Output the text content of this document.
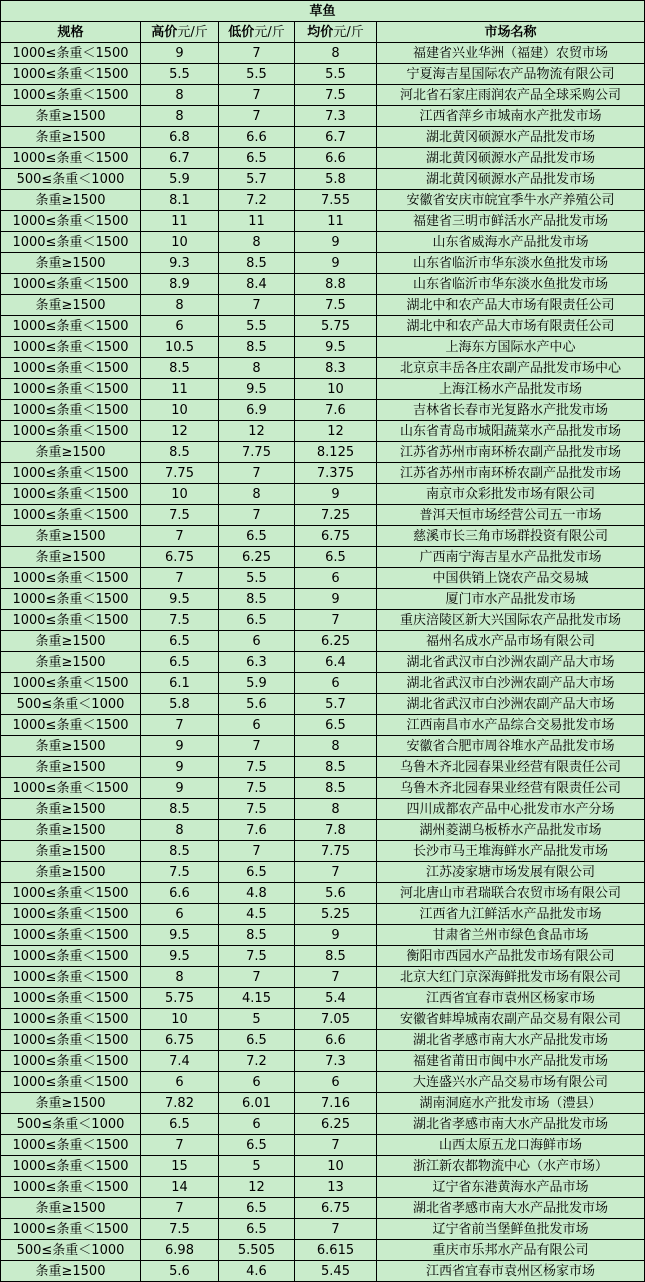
草鱼				
规格	高价元/斤	低价元/斤	均价元/斤	市场名称
1000≤条重＜1500	9	7	8	福建省兴业华洲（福建）农贸市场
1000≤条重＜1500	5.5	5.5	5.5	宁夏海吉星国际农产品物流有限公司
1000≤条重＜1500	8	7	7.5	河北省石家庄雨润农产品全球采购公司
条重≥1500	8	7	7.3	江西省萍乡市城南水产批发市场
条重≥1500	6.8	6.6	6.7	湖北黄冈硕源水产品批发市场
1000≤条重＜1500	6.7	6.5	6.6	湖北黄冈硕源水产品批发市场
500≤条重＜1000	5.9	5.7	5.8	湖北黄冈硕源水产品批发市场
条重≥1500	8.1	7.2	7.55	安徽省安庆市皖宜季牛水产养殖公司
1000≤条重＜1500	11	11	11	福建省三明市鲜活水产品批发市场
1000≤条重＜1500	10	8	9	山东省威海水产品批发市场
条重≥1500	9.3	8.5	9	山东省临沂市华东淡水鱼批发市场
1000≤条重＜1500	8.9	8.4	8.8	山东省临沂市华东淡水鱼批发市场
条重≥1500	8	7	7.5	湖北中和农产品大市场有限责任公司
1000≤条重＜1500	6	5.5	5.75	湖北中和农产品大市场有限责任公司
1000≤条重＜1500	10.5	8.5	9.5	上海东方国际水产中心
1000≤条重＜1500	8.5	8	8.3	北京京丰岳各庄农副产品批发市场中心
1000≤条重＜1500	11	9.5	10	上海江杨水产品批发市场
1000≤条重＜1500	10	6.9	7.6	吉林省长春市光复路水产批发市场
1000≤条重＜1500	12	12	12	山东省青岛市城阳蔬菜水产品批发市场
条重≥1500	8.5	7.75	8.125	江苏省苏州市南环桥农副产品批发市场
1000≤条重＜1500	7.75	7	7.375	江苏省苏州市南环桥农副产品批发市场
1000≤条重＜1500	10	8	9	南京市众彩批发市场有限公司
1000≤条重＜1500	7.5	7	7.25	普洱天恒市场经营公司五一市场
条重≥1500	7	6.5	6.75	慈溪市长三角市场群投资有限公司
条重≥1500	6.75	6.25	6.5	广西南宁海吉星水产品批发市场
1000≤条重＜1500	7	5.5	6	中国供销上饶农产品交易城
1000≤条重＜1500	9.5	8.5	9	厦门市水产品批发市场
1000≤条重＜1500	7.5	6.5	7	重庆涪陵区新大兴国际农产品批发市场
条重≥1500	6.5	6	6.25	福州名成水产品市场有限公司
条重≥1500	6.5	6.3	6.4	湖北省武汉市白沙洲农副产品大市场
1000≤条重＜1500	6.1	5.9	6	湖北省武汉市白沙洲农副产品大市场
500≤条重＜1000	5.8	5.6	5.7	湖北省武汉市白沙洲农副产品大市场
1000≤条重＜1500	7	6	6.5	江西南昌市水产品综合交易批发市场
条重≥1500	9	7	8	安徽省合肥市周谷堆水产品批发市场
条重≥1500	9	7.5	8.5	乌鲁木齐北园春果业经营有限责任公司
1000≤条重＜1500	9	7.5	8.5	乌鲁木齐北园春果业经营有限责任公司
条重≥1500	8.5	7.5	8	四川成都农产品中心批发市水产分场
条重≥1500	8	7.6	7.8	湖州菱湖乌板桥水产品批发市场
条重≥1500	8.5	7	7.75	长沙市马王堆海鲜水产品批发市场
条重≥1500	7.5	6.5	7	江苏凌家塘市场发展有限公司
1000≤条重＜1500	6.6	4.8	5.6	河北唐山市君瑞联合农贸市场有限公司
1000≤条重＜1500	6	4.5	5.25	江西省九江鲜活水产品批发市场
1000≤条重＜1500	9.5	8.5	9	甘肃省兰州市绿色食品市场
1000≤条重＜1500	9.5	7.5	8.5	衡阳市西园水产品批发市场有限公司
1000≤条重＜1500	8	7	7	北京大红门京深海鲜批发市场有限公司
1000≤条重＜1500	5.75	4.15	5.4	江西省宜春市袁州区杨家市场
1000≤条重＜1500	10	5	7.05	安徽省蚌埠城南农副产品交易有限公司
1000≤条重＜1500	6.75	6.5	6.6	湖北省孝感市南大水产品批发市场
1000≤条重＜1500	7.4	7.2	7.3	福建省莆田市闽中水产品批发市场
1000≤条重＜1500	6	6	6	大连盛兴水产品交易市场有限公司
条重≥1500	7.82	6.01	7.16	湖南洞庭水产批发市场（澧县）
500≤条重＜1000	6.5	6	6.25	湖北省孝感市南大水产品批发市场
1000≤条重＜1500	7	6.5	7	山西太原五龙口海鲜市场
1000≤条重＜1500	15	5	10	浙江新农都物流中心（水产市场）
1000≤条重＜1500	14	12	13	辽宁省东港黄海水产品市场
条重≥1500	7	6.5	6.75	湖北省孝感市南大水产品批发市场
1000≤条重＜1500	7.5	6.5	7	辽宁省前当堡鲜鱼批发市场
500≤条重＜1000	6.98	5.505	6.615	重庆市乐邦水产品有限公司
条重≥1500	5.6	4.6	5.45	江西省宜春市袁州区杨家市场
